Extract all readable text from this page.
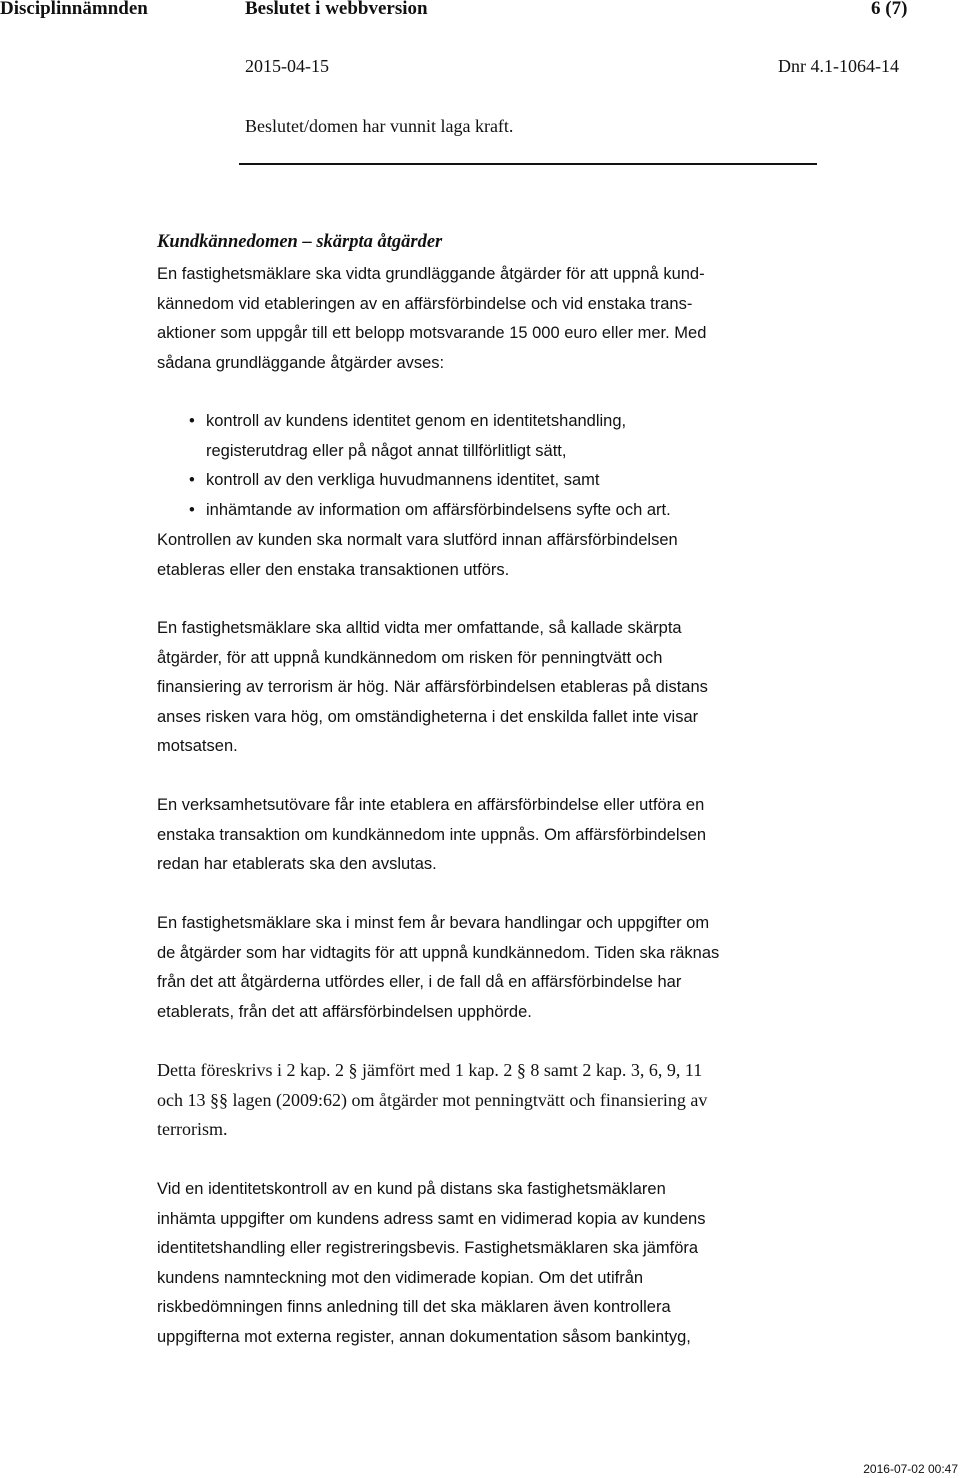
Disciplinnämnden	Beslutet i webbversion	6 (7)
2015-04-15	Dnr 4.1-1064-14
Beslutet/domen har vunnit laga kraft.
Kundkännedomen – skärpta åtgärder
En fastighetsmäklare ska vidta grundläggande åtgärder för att uppnå kund-
kännedom vid etableringen av en affärsförbindelse och vid enstaka trans-
aktioner som uppgår till ett belopp motsvarande 15 000 euro eller mer. Med
sådana grundläggande åtgärder avses:
• kontroll av kundens identitet genom en identitetshandling,
registerutdrag eller på något annat tillförlitligt sätt,
• kontroll av den verkliga huvudmannens identitet, samt
• inhämtande av information om affärsförbindelsens syfte och art.
Kontrollen av kunden ska normalt vara slutförd innan affärsförbindelsen
etableras eller den enstaka transaktionen utförs.
En fastighetsmäklare ska alltid vidta mer omfattande, så kallade skärpta
åtgärder, för att uppnå kundkännedom om risken för penningtvätt och
finansiering av terrorism är hög. När affärsförbindelsen etableras på distans
anses risken vara hög, om omständigheterna i det enskilda fallet inte visar
motsatsen.
En verksamhetsutövare får inte etablera en affärsförbindelse eller utföra en
enstaka transaktion om kundkännedom inte uppnås. Om affärsförbindelsen
redan har etablerats ska den avslutas.
En fastighetsmäklare ska i minst fem år bevara handlingar och uppgifter om
de åtgärder som har vidtagits för att uppnå kundkännedom. Tiden ska räknas
från det att åtgärderna utfördes eller, i de fall då en affärsförbindelse har
etablerats, från det att affärsförbindelsen upphörde.
Detta föreskrivs i 2 kap. 2 § jämfört med 1 kap. 2 § 8 samt 2 kap. 3, 6, 9, 11
och 13 §§ lagen (2009:62) om åtgärder mot penningtvätt och finansiering av
terrorism.
Vid en identitetskontroll av en kund på distans ska fastighetsmäklaren
inhämta uppgifter om kundens adress samt en vidimerad kopia av kundens
identitetshandling eller registreringsbevis. Fastighetsmäklaren ska jämföra
kundens namnteckning mot den vidimerade kopian. Om det utifrån
riskbedömningen finns anledning till det ska mäklaren även kontrollera
uppgifterna mot externa register, annan dokumentation såsom bankintyg,
2016-07-02 00:47
